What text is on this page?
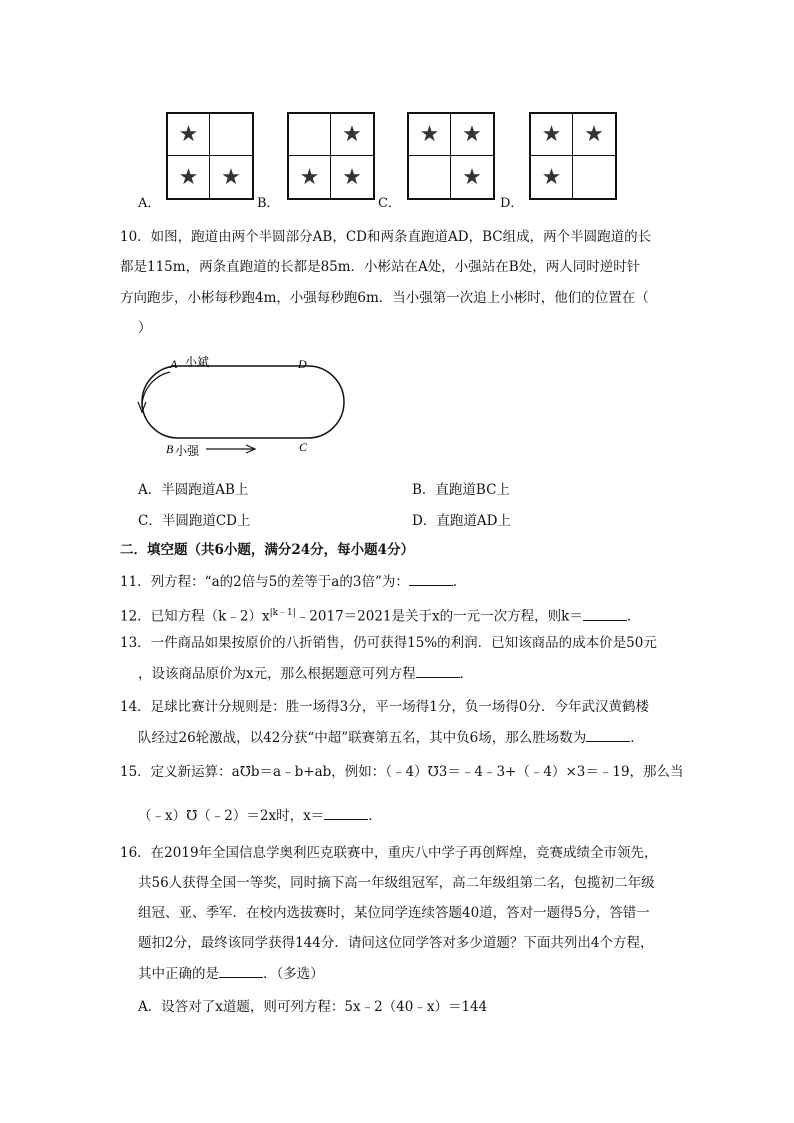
★
★	★
A．
★
★	★
B．
★	★
★
C．
★	★
★
D．
10．如图，跑道由两个半圆部分AB，CD和两条直跑道AD，BC组成，两个半圆跑道的长
都是115m，两条直跑道的长都是85m．小彬站在A处，小强站在B处，两人同时逆时针
方向跑步，小彬每秒跑4m，小强每秒跑6m．当小强第一次追上小彬时，他们的位置在（
）
A 小斌	D
B 小强	C
A．半圆跑道AB上	B．直跑道BC上
C．半圆跑道CD上	D．直跑道AD上
二．填空题（共6小题，满分24分，每小题4分）
11．列方程：“a的2倍与5的差等于a的3倍”为：	．
12．已知方程$(k﹣2)x^{|k﹣1|}﹣2017=2021$是关于x的一元一次方程，则k＝	．
13．一件商品如果按原价的八折销售，仍可获得15%的利润．已知该商品的成本价是50元
，设该商品原价为x元，那么根据题意可列方程	．
14．足球比赛计分规则是：胜一场得3分，平一场得1分，负一场得0分．今年武汉黄鹤楼
队经过26轮激战，以42分获“中超”联赛第五名，其中负6场，那么胜场数为	．
15．定义新运算：a℧b＝a﹣b+ab，例如：（﹣4）℧3＝﹣4﹣3+（﹣4）×3＝﹣19，那么当
（﹣x）℧（﹣2）＝2x时，x＝	．
16．在2019年全国信息学奥利匹克联赛中，重庆八中学子再创辉煌，竞赛成绩全市领先，
共56人获得全国一等奖，同时摘下高一年级组冠军，高二年级组第二名，包揽初二年级
组冠、亚、季军．在校内选拔赛时，某位同学连续答题40道，答对一题得5分，答错一
题扣2分，最终该同学获得144分．请问这位同学答对多少道题？下面共列出4个方程，
其中正确的是	．（多选）
A．设答对了x道题，则可列方程：5x﹣2（40﹣x）＝144
